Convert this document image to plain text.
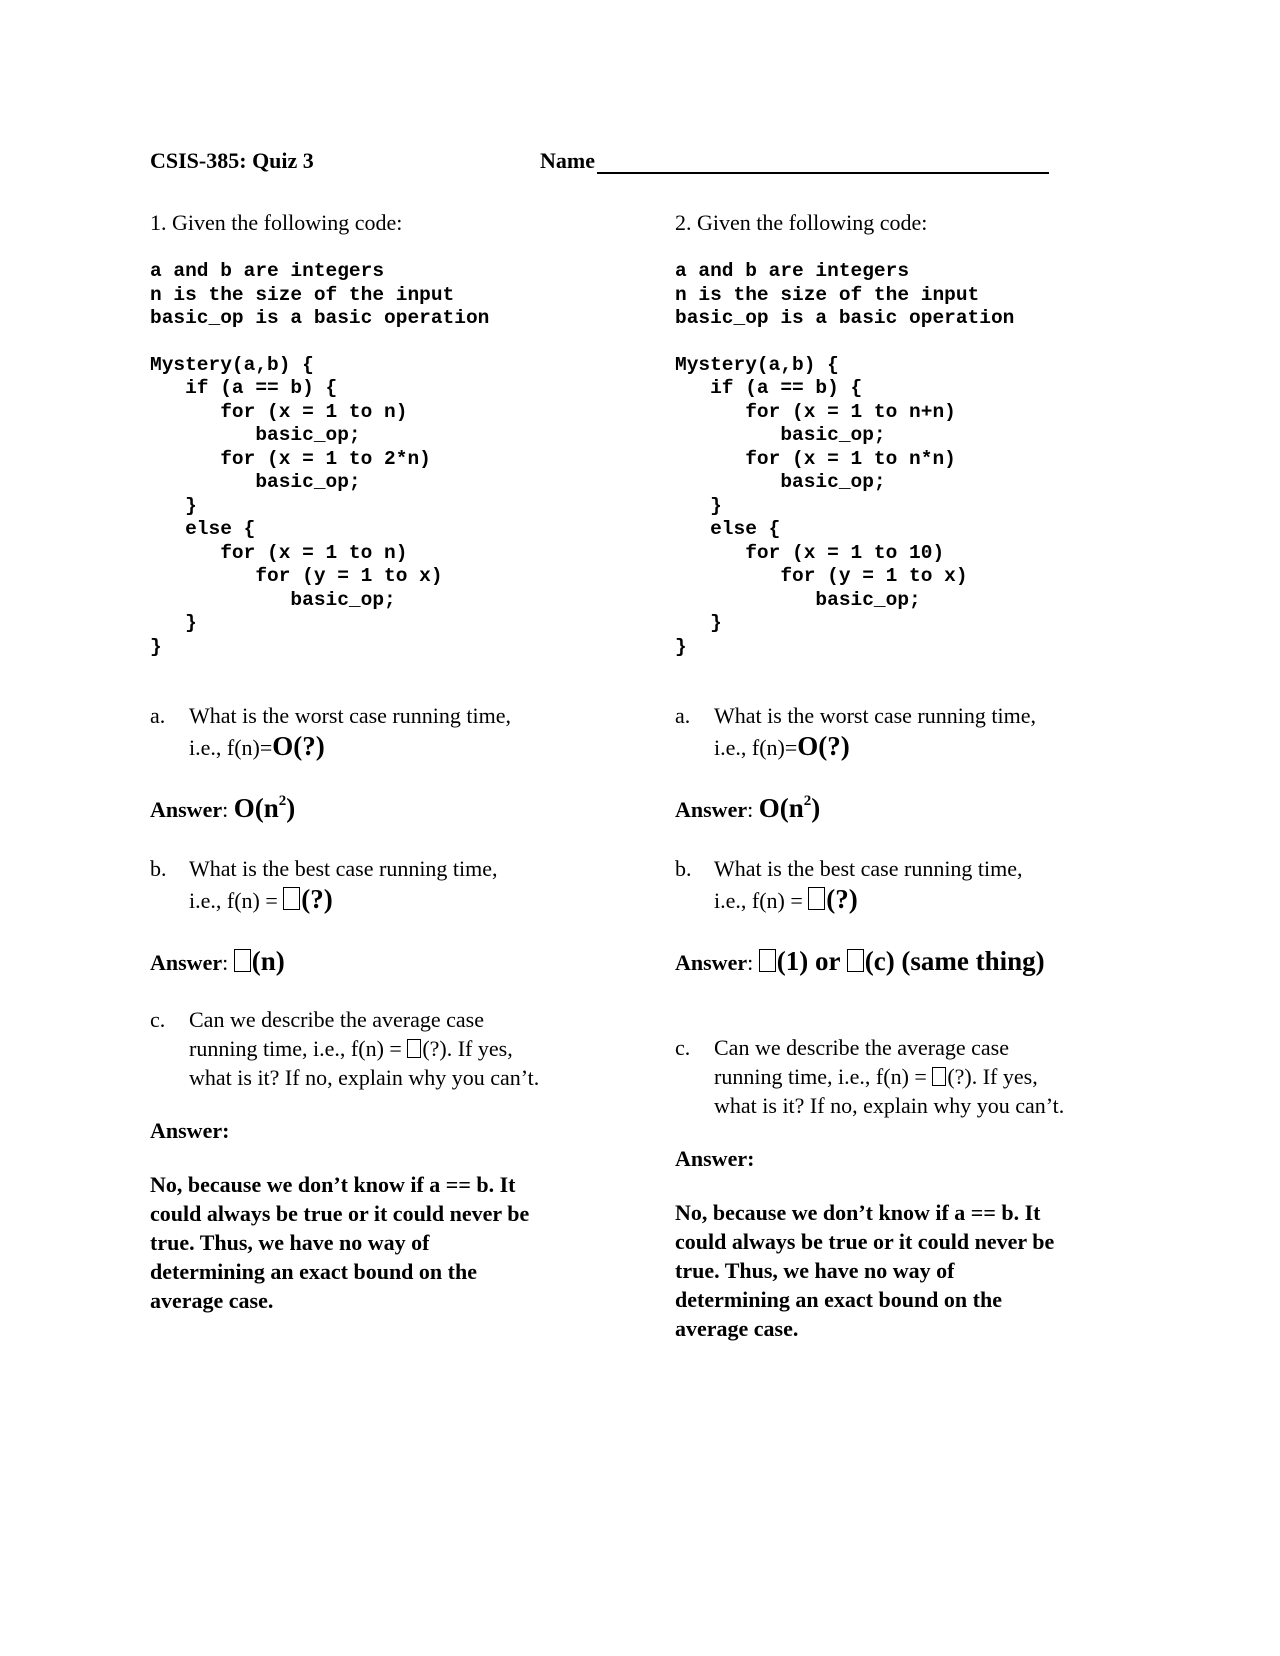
CSIS-385: Quiz 3	Name

1. Given the following code:

a and b are integers
n is the size of the input
basic_op is a basic operation
Mystery(a,b) {
if (a == b) {
for (x = 1 to n)
basic_op;
for (x = 1 to 2*n)
basic_op;
}
else {
for (x = 1 to n)
for (y = 1 to x)
basic_op;
}
}
a. What is the worst case running time,
i.e., f(n)=O(?)

Answer: $O(n^2)$

b. What is the best case running time,
i.e., f(n) = (?)

Answer: (n)

c. Can we describe the average case
running time, i.e., f(n) = (?). If yes,
what is it? If no, explain why you can’t.

Answer:

No, because we don’t know if a == b. It
could always be true or it could never be
true. Thus, we have no way of
determining an exact bound on the
average case.

2. Given the following code:

a and b are integers
n is the size of the input
basic_op is a basic operation
Mystery(a,b) {
if (a == b) {
for (x = 1 to n+n)
basic_op;
for (x = 1 to n*n)
basic_op;
}
else {
for (x = 1 to 10)
for (y = 1 to x)
basic_op;
}
}
a. What is the worst case running time,
i.e., f(n)=O(?)

Answer: $O(n^2)$

b. What is the best case running time,
i.e., f(n) = (?)

Answer: (1) or (c) (same thing)

c. Can we describe the average case
running time, i.e., f(n) = (?). If yes,
what is it? If no, explain why you can’t.

Answer:

No, because we don’t know if a == b. It
could always be true or it could never be
true. Thus, we have no way of
determining an exact bound on the
average case.
